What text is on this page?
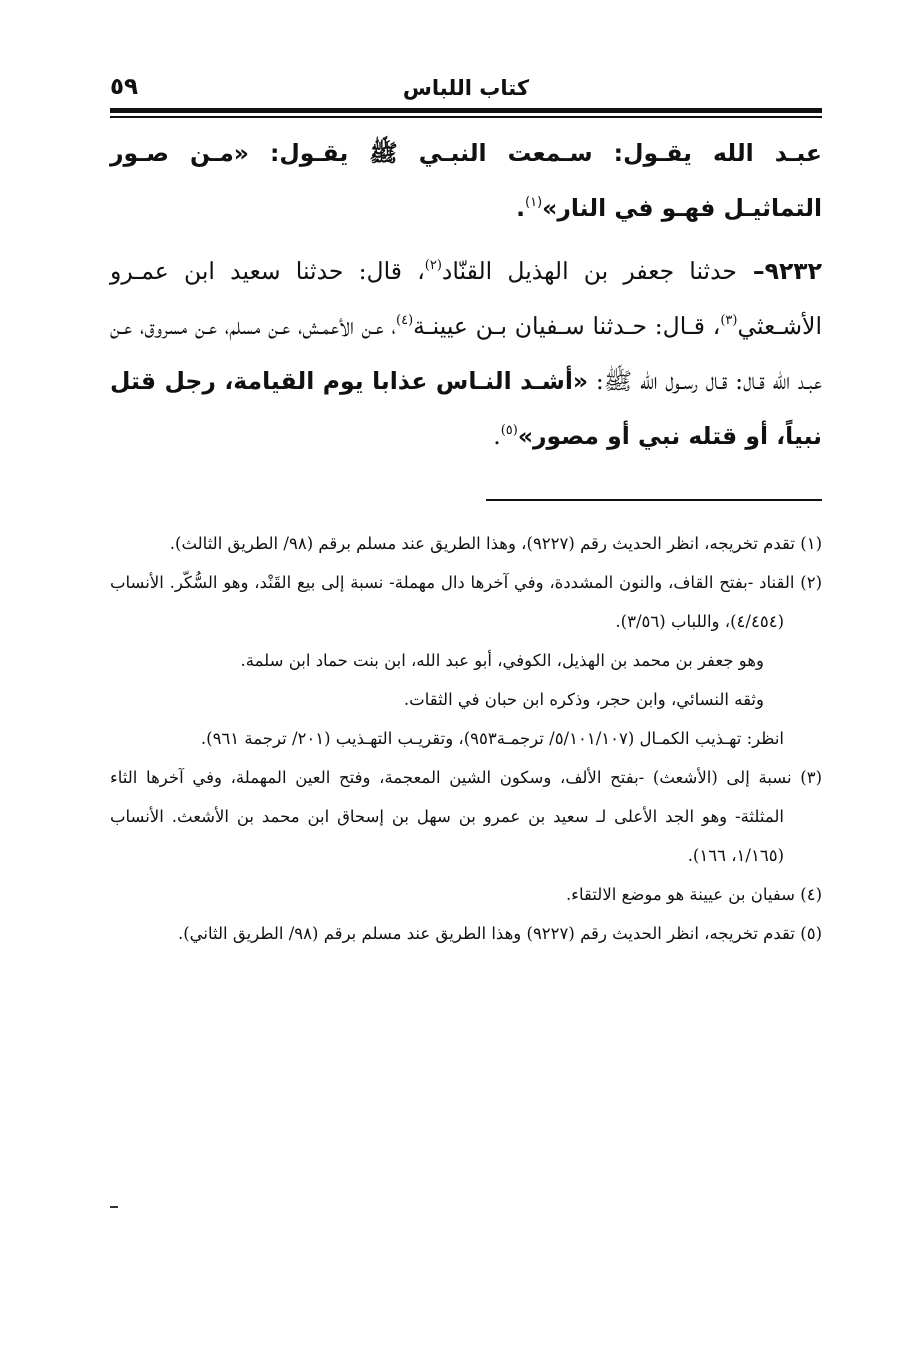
كتاب اللباس
٥٩

عبـد الله يقـول: سـمعت النبـي ﷺ يقـول: «مـن صـور التماثيـل فهـو في النار»$^{(١)}$.

٩٢٣٢– حدثنا جعفر بن الهذيل القنّاد$^{(٢)}$، قال: حدثنا سعيد ابن عمـرو الأشـعثي$^{(٣)}$، قـال: حـدثنا سـفيان بـن عيينـة$^{(٤)}$، عـن الأعمـش، عـن مسلم، عـن مسروق، عـن عبـد الله قـال: قـال رسـول الله ﷺ: «أشـد النـاس عذابا يوم القيامة، رجل قتل نبياً، أو قتله نبي أو مصور»$^{(٥)}$.

(١) تقدم تخريجه، انظر الحديث رقم (٩٢٢٧)، وهذا الطريق عند مسلم برقم (٩٨/ الطريق الثالث).

(٢) القناد -بفتح القاف، والنون المشددة، وفي آخرها دال مهملة- نسبة إلى بيع القَنْد، وهو السُّكّر. الأنساب (٤/٤٥٤)، واللباب (٣/٥٦).

وهو جعفر بن محمد بن الهذيل، الكوفي، أبو عبد الله، ابن بنت حماد ابن سلمة.

وثقه النسائي، وابن حجر، وذكره ابن حبان في الثقات.

انظر: تهـذيب الكمـال (٥/١٠١/١٠٧/ ترجمـة٩٥٣)، وتقريـب التهـذيب (٢٠١/ ترجمة ٩٦١).

(٣) نسبة إلى (الأشعث) -بفتح الألف، وسكون الشين المعجمة، وفتح العين المهملة، وفي آخرها الثاء المثلثة- وهو الجد الأعلى لـ سعيد بن عمرو بن سهل بن إسحاق ابن محمد بن الأشعث. الأنساب (١/١٦٥، ١٦٦).

(٤) سفيان بن عيينة هو موضع الالتقاء.

(٥) تقدم تخريجه، انظر الحديث رقم (٩٢٢٧) وهذا الطريق عند مسلم برقم (٩٨/ الطريق الثاني).
